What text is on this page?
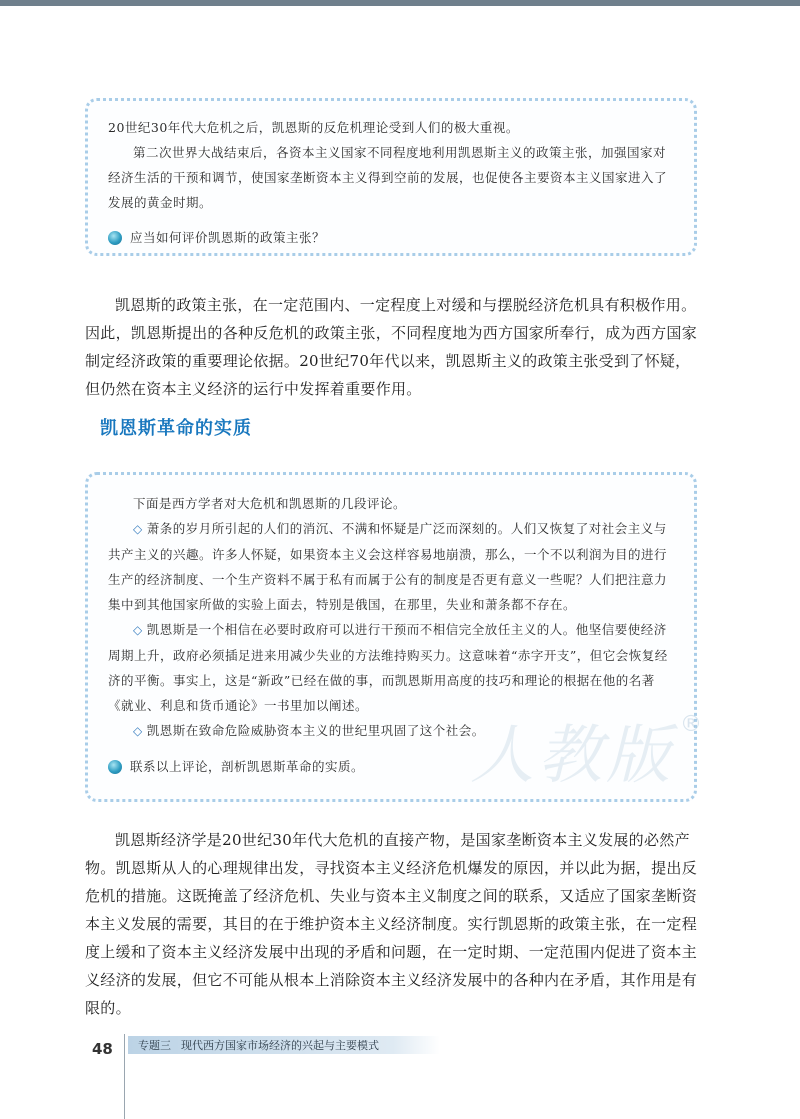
20世纪30年代大危机之后，凯恩斯的反危机理论受到人们的极大重视。

第二次世界大战结束后，各资本主义国家不同程度地利用凯恩斯主义的政策主张，加强国家对经济生活的干预和调节，使国家垄断资本主义得到空前的发展，也促使各主要资本主义国家进入了发展的黄金时期。

应当如何评价凯恩斯的政策主张？

凯恩斯的政策主张，在一定范围内、一定程度上对缓和与摆脱经济危机具有积极作用。因此，凯恩斯提出的各种反危机的政策主张，不同程度地为西方国家所奉行，成为西方国家制定经济政策的重要理论依据。20世纪70年代以来，凯恩斯主义的政策主张受到了怀疑，但仍然在资本主义经济的运行中发挥着重要作用。

凯恩斯革命的实质

下面是西方学者对大危机和凯恩斯的几段评论。

◇ 萧条的岁月所引起的人们的消沉、不满和怀疑是广泛而深刻的。人们又恢复了对社会主义与共产主义的兴趣。许多人怀疑，如果资本主义会这样容易地崩溃，那么，一个不以利润为目的进行生产的经济制度、一个生产资料不属于私有而属于公有的制度是否更有意义一些呢？人们把注意力集中到其他国家所做的实验上面去，特别是俄国，在那里，失业和萧条都不存在。

◇ 凯恩斯是一个相信在必要时政府可以进行干预而不相信完全放任主义的人。他坚信要使经济周期上升，政府必须插足进来用减少失业的方法维持购买力。这意味着“赤字开支”，但它会恢复经济的平衡。事实上，这是“新政”已经在做的事，而凯恩斯用高度的技巧和理论的根据在他的名著《就业、利息和货币通论》一书里加以阐述。

◇ 凯恩斯在致命危险威胁资本主义的世纪里巩固了这个社会。

联系以上评论，剖析凯恩斯革命的实质。 人教版 ®

凯恩斯经济学是20世纪30年代大危机的直接产物，是国家垄断资本主义发展的必然产物。凯恩斯从人的心理规律出发，寻找资本主义经济危机爆发的原因，并以此为据，提出反危机的措施。这既掩盖了经济危机、失业与资本主义制度之间的联系，又适应了国家垄断资本主义发展的需要，其目的在于维护资本主义经济制度。实行凯恩斯的政策主张，在一定程度上缓和了资本主义经济发展中出现的矛盾和问题，在一定时期、一定范围内促进了资本主义经济的发展，但它不可能从根本上消除资本主义经济发展中的各种内在矛盾，其作用是有限的。

48 专题三 现代西方国家市场经济的兴起与主要模式
